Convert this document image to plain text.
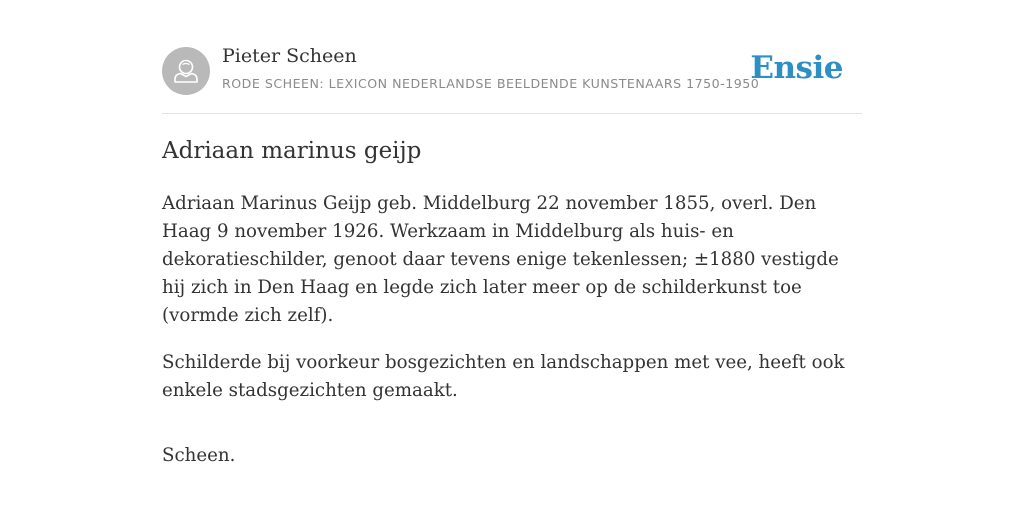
Pieter Scheen
RODE SCHEEN: LEXICON NEDERLANDSE BEELDENDE KUNSTENAARS 1750-1950
Ensie
Adriaan marinus geijp

Adriaan Marinus Geijp geb. Middelburg 22 november 1855, overl. Den Haag 9 november 1926. Werkzaam in Middelburg als huis- en dekoratieschilder, genoot daar tevens enige tekenlessen; ±1880 vestigde hij zich in Den Haag en legde zich later meer op de schilderkunst toe (vormde zich zelf).

Schilderde bij voorkeur bosgezichten en landschappen met vee, heeft ook enkele stadsgezichten gemaakt.

Scheen.
